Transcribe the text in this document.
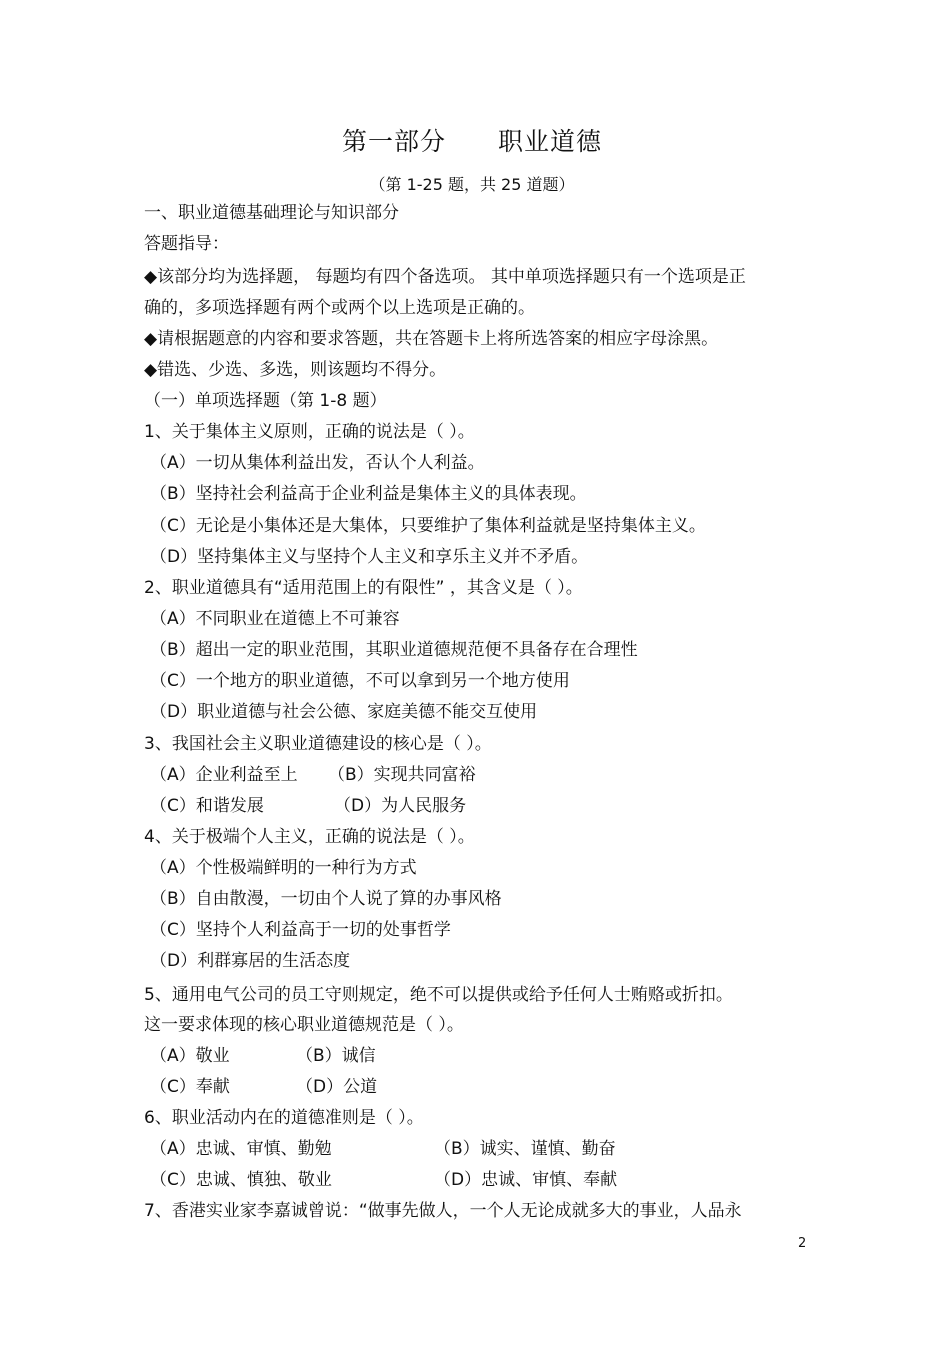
第一部分 职业道德
（第 1-25 题，共 25 道题）
一、职业道德基础理论与知识部分
答题指导：
◆该部分均为选择题， 每题均有四个备选项。 其中单项选择题只有一个选项是正
确的，多项选择题有两个或两个以上选项是正确的。
◆请根据题意的内容和要求答题，共在答题卡上将所选答案的相应字母涂黑。
◆错选、少选、多选，则该题均不得分。
（一）单项选择题（第 1-8 题）
1、关于集体主义原则，正确的说法是（ ）。
（A）一切从集体利益出发，否认个人利益。
（B）坚持社会利益高于企业利益是集体主义的具体表现。
（C）无论是小集体还是大集体，只要维护了集体利益就是坚持集体主义。
（D）坚持集体主义与坚持个人主义和享乐主义并不矛盾。
2、职业道德具有“适用范围上的有限性” ，其含义是（ ）。
（A）不同职业在道德上不可兼容
（B）超出一定的职业范围，其职业道德规范便不具备存在合理性
（C）一个地方的职业道德，不可以拿到另一个地方使用
（D）职业道德与社会公德、家庭美德不能交互使用
3、我国社会主义职业道德建设的核心是（ ）。
（A）企业利益至上 （B）实现共同富裕
（C）和谐发展	（D）为人民服务
4、关于极端个人主义，正确的说法是（ ）。
（A）个性极端鲜明的一种行为方式
（B）自由散漫，一切由个人说了算的办事风格
（C）坚持个人利益高于一切的处事哲学
（D）利群寡居的生活态度
5、通用电气公司的员工守则规定，绝不可以提供或给予任何人士贿赂或折扣。
这一要求体现的核心职业道德规范是（ ）。
（A）敬业	（B）诚信
（C）奉献	（D）公道
6、职业活动内在的道德准则是（ ）。
（A）忠诚、审慎、勤勉	（B）诚实、谨慎、勤奋
（C）忠诚、慎独、敬业	（D）忠诚、审慎、奉献
7、香港实业家李嘉诚曾说：“做事先做人，一个人无论成就多大的事业，人品永
2
